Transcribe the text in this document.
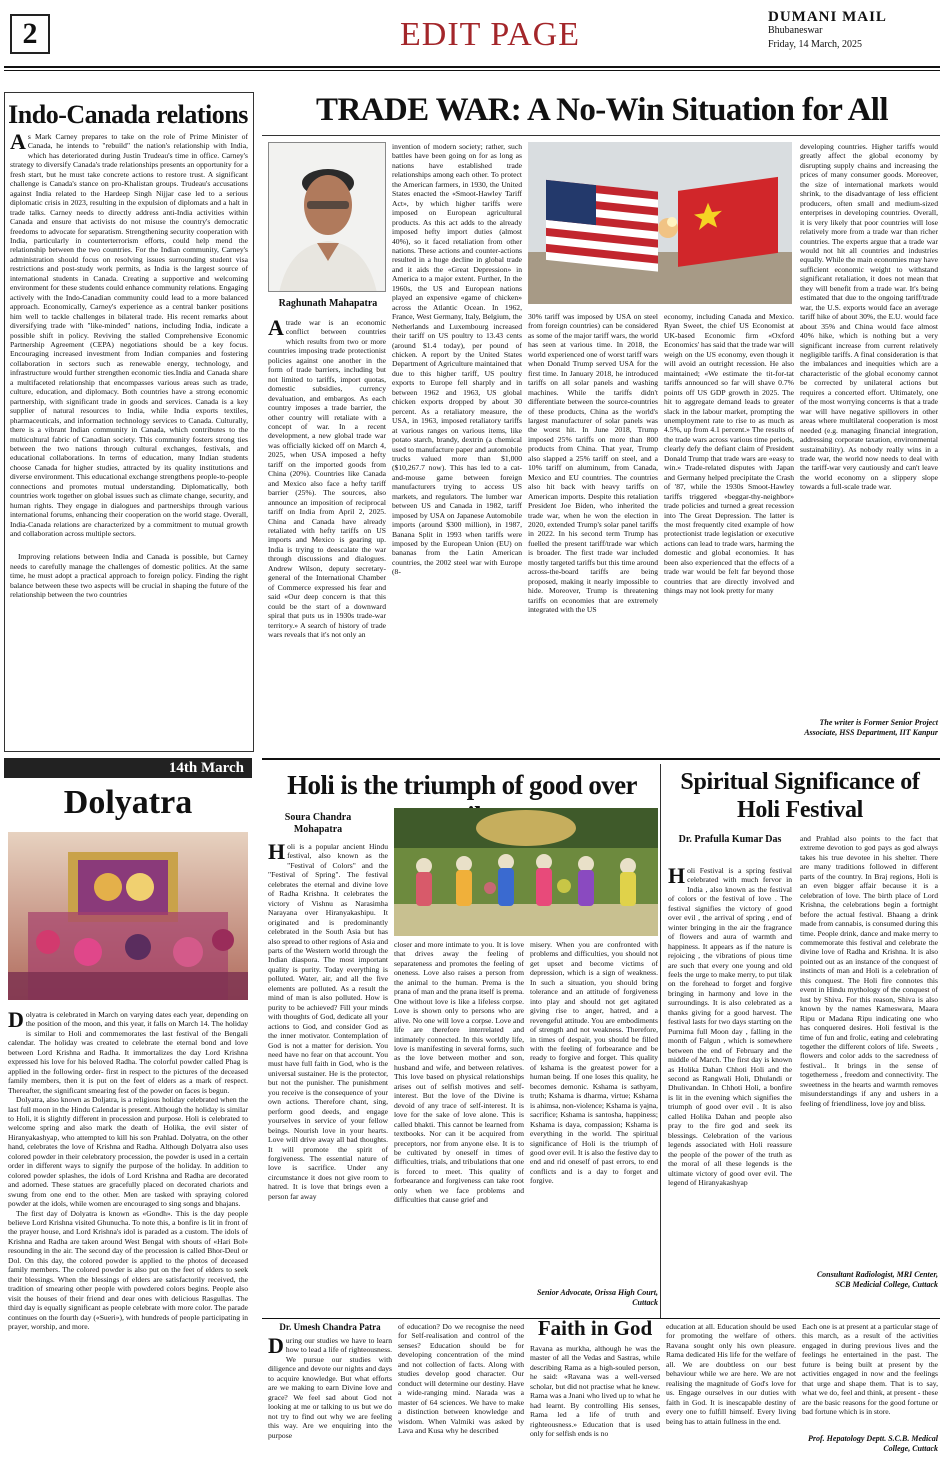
2	EDIT PAGE	DUMANI MAIL
Bhubaneswar
Friday, 14 March, 2025
Indo-Canada relations

As Mark Carney prepares to take on the role of Prime Minister of Canada, he intends to "rebuild" the nation's relationship with India, which has deteriorated during Justin Trudeau's time in office. Carney's strategy to diversify Canada's trade relationships presents an opportunity for a fresh start, but he must take concrete actions to restore trust. A significant challenge is Canada's stance on pro-Khalistan groups. Trudeau's accusations against India related to the Hardeep Singh Nijjar case led to a serious diplomatic crisis in 2023, resulting in the expulsion of diplomats and a halt in trade talks. Carney needs to directly address anti-India activities within Canada and ensure that activists do not misuse the country's democratic freedoms to advocate for separatism. Strengthening security cooperation with India, particularly in counterterrorism efforts, could help mend the relationship between the two countries. For the Indian community, Carney's administration should focus on resolving issues surrounding student visa restrictions and post-study work permits, as India is the largest source of international students in Canada. Creating a supportive and welcoming environment for these students could enhance community relations. Engaging actively with the Indo-Canadian community could lead to a more balanced approach. Economically, Carney's experience as a central banker positions him well to tackle challenges in bilateral trade. His recent remarks about diversifying trade with "like-minded" nations, including India, indicate a possible shift in policy. Reviving the stalled Comprehensive Economic Partnership Agreement (CEPA) negotiations should be a key focus. Encouraging increased investment from Indian companies and fostering collaboration in sectors such as renewable energy, technology, and infrastructure would further strengthen economic ties.India and Canada share a multifaceted relationship that encompasses various areas such as trade, culture, education, and diplomacy. Both countries have a strong economic partnership, with significant trade in goods and services. Canada is a key supplier of natural resources to India, while India exports textiles, pharmaceuticals, and information technology services to Canada. Culturally, there is a vibrant Indian community in Canada, which contributes to the multicultural fabric of Canadian society. This community fosters strong ties between the two nations through cultural exchanges, festivals, and educational collaborations. In terms of education, many Indian students choose Canada for higher studies, attracted by its quality institutions and diverse environment. This educational exchange strengthens people-to-people connections and promotes mutual understanding. Diplomatically, both countries work together on global issues such as climate change, security, and human rights. They engage in dialogues and partnerships through various international forums, enhancing their cooperation on the world stage. Overall, India-Canada relations are characterized by a commitment to mutual growth and collaboration across multiple sectors.

Improving relations between India and Canada is possible, but Carney needs to carefully manage the challenges of domestic politics. At the same time, he must adopt a practical approach to foreign policy. Finding the right balance between these two aspects will be crucial in shaping the future of the relationship between the two countries

14th March
Dolyatra

Dolyatra is celebrated in March on varying dates each year, depending on the position of the moon, and this year, it falls on March 14. The holiday is similar to Holi and commemorates the last festival of the Bengali calendar. The holiday was created to celebrate the eternal bond and love between Lord Krishna and Radha. It immortalizes the day Lord Krishna expressed his love for his beloved Radha. The colorful powder called Phag is applied in the following order- first in respect to the pictures of the deceased family members, then it is put on the feet of elders as a mark of respect. Thereafter, the significant smearing fest of the powder on faces is begun.

Dolyatra, also known as Doljatra, is a religious holiday celebrated when the last full moon in the Hindu Calendar is present. Although the holiday is similar to Holi, it is slightly different in procession and purpose. Holi is celebrated to welcome spring and also mark the death of Holika, the evil sister of Hiranyakashyap, who attempted to kill his son Prahlad. Dolyatra, on the other hand, celebrates the love of Krishna and Radha. Although Dolyatra also uses colored powder in their celebratory procession, the powder is used in a certain order in different ways to signify the purpose of the holiday. In addition to colored powder splashes, the idols of Lord Krishna and Radha are decorated and adorned. These statues are gracefully placed on decorated chariots and swung from one end to the other. Men are tasked with spraying colored powder at the idols, while women are encouraged to sing songs and bhajans.

The first day of Dolyatra is known as «Gondh». This is the day people believe Lord Krishna visited Ghunucha. To note this, a bonfire is lit in front of the prayer house, and Lord Krishna's idol is paraded as a custom. The idols of Krishna and Radha are taken around West Bengal with shouts of «Hari Bol» resounding in the air. The second day of the procession is called Bhor-Deul or Dol. On this day, the colored powder is applied to the photos of deceased family members. The colored powder is also put on the feet of elders to seek their blessings. When the blessings of elders are satisfactorily received, the tradition of smearing other people with powdered colors begins. People also visit the houses of their friend and dear ones with delicious Rasgullas. The third day is equally significant as people celebrate with more color. The parade continues on the fourth day («Sueri»), with hundreds of people participating in prayer, worship, and more.

TRADE WAR: A No-Win Situation for All
Raghunath Mahapatra

Atrade war is an economic conflict between countries which results from two or more countries imposing trade protectionist policies against one another in the form of trade barriers, including but not limited to tariffs, import quotas, domestic subsidies, currency devaluation, and embargos. As each country imposes a trade barrier, the other country will retaliate with a concept of war. In a recent development, a new global trade war was officially kicked off on March 4, 2025, when USA imposed a hefty tariff on the imported goods from China (20%). Countries like Canada and Mexico also face a hefty tariff barrier (25%). The sources, also announce an imposition of reciprocal tariff on India from April 2, 2025. China and Canada have already retaliated with hefty tariffs on US imports and Mexico is gearing up. India is trying to deescalate the war through discussions and dialogues. Andrew Wilson, deputy secretary-general of the International Chamber of Commerce expressed his fear and said «Our deep concern is that this could be the start of a downward spiral that puts us in 1930s trade-war territory.» A search of history of trade wars reveals that it's not only an

invention of modern society; rather, such battles have been going on for as long as nations have established trade relationships among each other. To protect the American farmers, in 1930, the United States enacted the «Smoot-Hawley Tariff Act», by which higher tariffs were imposed on European agricultural products. As this act adds to the already imposed hefty import duties (almost 40%), so it faced retaliation from other nations. These actions and counter-actions resulted in a huge decline in global trade and it aids the «Great Depression» in America to a major extent. Further, In the 1960s, the US and European nations played an expensive «game of chicken» across the Atlantic Ocean. In 1962, France, West Germany, Italy, Belgium, the Netherlands and Luxembourg increased their tariff on US poultry to 13.43 cents (around $1.4 today), per pound of chicken. A report by the United States Department of Agriculture maintained that due to this higher tariff, US poultry exports to Europe fell sharply and in between 1962 and 1963, US global chicken exports dropped by about 30 percent. As a retaliatory measure, the USA, in 1963, imposed retaliatory tariffs at various ranges on various items, like potato starch, brandy, dextrin (a chemical used to manufacture paper and automobile trucks valued more than $1,000 ($10,267.7 now). This has led to a cat-and-mouse game between foreign manufacturers trying to access US markets, and regulators. The lumber war between US and Canada in 1982, tariff imposed by USA on Japanese Automobile imports (around $300 million), in 1987, Banana Split in 1993 when tariffs were imposed by the European Union (EU) on bananas from the Latin American countries, the 2002 steel war with Europe (8-
30% tariff was imposed by USA on steel from foreign countries) can be considered as some of the major tariff wars, the world has seen at various time. In 2018, the world experienced one of worst tariff wars when Donald Trump served USA for the first time. In January 2018, he introduced tariffs on all solar panels and washing machines. While the tariffs didn't differentiate between the source-countries of these products, China as the world's largest manufacturer of solar panels was the worst hit. In June 2018, Trump imposed 25% tariffs on more than 800 products from China. That year, Trump also slapped a 25% tariff on steel, and a 10% tariff on aluminum, from Canada, Mexico and EU countries. The countries also hit back with heavy tariffs on American imports. Despite this retaliation President Joe Biden, who inherited the trade war, when he won the election in 2020, extended Trump's solar panel tariffs in 2022. In his second term Trump has fuelled the present tariff/trade war which is broader. The first trade war included mostly targeted tariffs but this time around across-the-board tariffs are being proposed, making it nearly impossible to hide. Moreover, Trump is threatening tariffs on economies that are extremely integrated with the US
economy, including Canada and Mexico. Ryan Sweet, the chief US Economist at UK-based Economic firm «Oxford Economics' has said that the trade war will weigh on the US economy, even though it will avoid an outright recession. He also maintained; «We estimate the tit-for-tat tariffs announced so far will shave 0.7% points off US GDP growth in 2025. The hit to aggregate demand leads to greater slack in the labour market, prompting the unemployment rate to rise to as much as 4.5%, up from 4.1 percent.» The results of the trade wars across various time periods, clearly defy the defiant claim of President Donald Trump that trade wars are «easy to win.» Trade-related disputes with Japan and Germany helped precipitate the Crash of '87, while the 1930s Smoot-Hawley tariffs triggered «beggar-thy-neighbor» trade policies and turned a great recession into The Great Depression. The latter is the most frequently cited example of how protectionist trade legislation or executive actions can lead to trade wars, harming the domestic and global economies. It has been also experienced that the effects of a trade war would be felt far beyond those countries that are directly involved and things may not look pretty for many
developing countries. Higher tariffs would greatly affect the global economy by disrupting supply chains and increasing the prices of many consumer goods. Moreover, the size of international markets would shrink, to the disadvantage of less efficient producers, often small and medium-sized enterprises in developing countries. Overall, it is very likely that poor countries will lose relatively more from a trade war than richer countries. The experts argue that a trade war would not hit all countries and industries equally. While the main economies may have sufficient economic weight to withstand significant retaliation, it does not mean that they will benefit from a trade war. It's being estimated that due to the ongoing tariff/trade war, the U.S. exports would face an average tariff hike of about 30%, the E.U. would face about 35% and China would face almost 40% hike, which is nothing but a very significant increase from current relatively negligible tariffs. A final consideration is that the imbalances and inequities which are a characteristic of the global economy cannot be corrected by unilateral actions but requires a concerted effort. Ultimately, one of the most worrying concerns is that a trade war will have negative spillovers in other areas where multilateral cooperation is most needed (e.g. managing financial integration, addressing corporate taxation, environmental sustainability). As nobody really wins in a trade war, the world now needs to deal with the tariff-war very cautiously and can't leave the world economy on a slippery slope towards a full-scale trade war.
The writer is Former Senior Project Associate, HSS Department, IIT Kanpur
Holi is the triumph of good over
Soura Chandra Mohapatra

Holi is a popular ancient Hindu festival, also known as the "Festival of Colors" and the "Festival of Spring". The festival celebrates the eternal and divine love of Radha Krishna. It celebrates the victory of Vishnu as Narasimha Narayana over Hiranyakashipu. It originated and is predominantly celebrated in the South Asia but has also spread to other regions of Asia and parts of the Western world through the Indian diaspora. The most important quality is purity. Today everything is polluted. Water, air, and all the five elements are polluted. As a result the mind of man is also polluted. How is purity to be achieved? Fill your minds with thoughts of God, dedicate all your actions to God, and consider God as the inner motivator. Contemplation of God is not a matter for derision. You need have no fear on that account. You must have full faith in God, who is the universal sustainer. He is the protector, but not the punisher. The punishment you receive is the consequence of your own actions. Therefore chant, sing, perform good deeds, and engage yourselves in service of your fellow beings. Nourish love in your hearts. Love will drive away all bad thoughts. It will promote the spirit of forgiveness. The essential nature of love is sacrifice. Under any circumstance it does not give room to hatred. It is love that brings even a person far away

closer and more intimate to you. It is love that drives away the feeling of separateness and promotes the feeling of oneness. Love also raises a person from the animal to the human. Prema is the prana of man and the prana itself is prema. One without love is like a lifeless corpse. Love is shown only to persons who are alive. No one will love a corpse. Love and life are therefore interrelated and intimately connected. In this worldly life, love is manifesting in several forms, such as the love between mother and son, husband and wife, and between relatives. This love based on physical relationships arises out of selfish motives and self-interest. But the love of the Divine is devoid of any trace of self-interest. It is love for the sake of love alone. This is called bhakti. This cannot be learned from textbooks. Nor can it be acquired from preceptors, nor from anyone else. It is to be cultivated by oneself in times of difficulties, trials, and tribulations that one is forced to meet. This quality of forbearance and forgiveness can take root only when we face problems and difficulties that cause grief and
misery. When you are confronted with problems and difficulties, you should not get upset and become victims of depression, which is a sign of weakness. In such a situation, you should bring tolerance and an attitude of forgiveness into play and should not get agitated giving rise to anger, hatred, and a revengeful attitude. You are embodiments of strength and not weakness. Therefore, in times of despair, you should be filled with the feeling of forbearance and be ready to forgive and forget. This quality of kshama is the greatest power for a human being. If one loses this quality, he becomes demonic. Kshama is sathyam, truth; Kshama is dharma, virtue; Kshama is ahimsa, non-violence; Kshama is yajna, sacrifice; Kshama is santosha, happiness; Kshama is daya, compassion; Kshama is everything in the world. The spiritual significance of Holi is the triumph of good over evil. It is also the festive day to end and rid oneself of past errors, to end conflicts and is a day to forget and forgive.
Senior Advocate, Orissa High Court, Cuttack
Spiritual Significance of Holi Festival
Dr. Prafulla Kumar Das

Holi Festival is a spring festival celebrated with much fervor in India , also known as the festival of colors or the festival of love . The festival signifies the victory of good over evil , the arrival of spring , end of winter bringing in the air the fragrance of flowers and aura of warmth and happiness. It appears as if the nature is rejoicing , the vibrations of pious time are such that every one young and old feels the urge to make merry, to put tilak on the forehead to forget and forgive bringing in harmony and love in the surroundings. It is also celebrated as a thanks giving for a good harvest. The festival lasts for two days starting on the Purnima full Moon day , falling in the month of Falgun , which is somewhere between the end of February and the middle of March. The first day is known as Holika Dahan Chhoti Holi and the second as Rangwali Holi, Dhulandi or Dhulivandan. In Chhoti Holi, a bonfire is lit in the evening which signifies the triumph of good over evil . It is also called Holika Dahan and people also pray to the fire god and seek its blessings. Celebration of the various legends associated with Holi reassure the people of the power of the truth as the moral of all these legends is the ultimate victory of good over evil. The legend of Hiranyakashyap

and Prahlad also points to the fact that extreme devotion to god pays as god always takes his true devotee in his shelter. There are many traditions followed in different parts of the country. In Braj regions, Holi is an even bigger affair because it is a celebration of love. The birth place of Lord Krishna, the celebrations begin a fortnight before the actual festival. Bhaang a drink made from cannabis, is consumed during this time. People drink, dance and make merry to commemorate this festival and celebrate the divine love of Radha and Krishna. It is also pointed out as an instance of the conquest of instincts of man and Holi is a celebration of this conquest. The Holi fire connotes this event in Hindu mythology of the conquest of lust by Shiva. For this reason, Shiva is also known by the names Kameswara, Maara Ripu or Madana Ripu indicating one who has conquered desires. Holi festival is the time of fun and frolic, eating and celebrating together the different colors of life. Sweets , flowers and color adds to the sacredness of festival.. It brings in the sense of togetherness , freedom and connectivity. The sweetness in the hearts and warmth removes misunderstandings if any and ushers in a feeling of friendliness, love joy and bliss.
Consultant Radiologist, MRI Center, SCB Medicial College, Cuttack
Dr. Umesh Chandra Patra

During our studies we have to learn how to lead a life of righteousness. We pursue our studies with diligence and devote our nights and days to acquire knowledge. But what efforts are we making to earn Divine love and grace? We feel sad about God not looking at me or talking to us but we do not try to find out why we are feeling this way. Are we enquiring into the purpose

of education? Do we recognise the need for Self-realisation and control of the senses? Education should be for developing concentration of the mind and not collection of facts. Along with studies develop good character. Our conduct will determine our destiny. Have a wide-ranging mind. Narada was a master of 64 sciences. We have to make a distinction between knowledge and wisdom. When Valmiki was asked by Lava and Kusa why he described
Faith in God
Ravana as murkha, although he was the master of all the Vedas and Sastras, while describing Rama as a high-souled person, he said: «Ravana was a well-versed scholar, but did not practise what he knew. Rama was a Jnani who lived up to what he had learnt. By controlling His senses, Rama led a life of truth and righteousness.» Education that is used only for selfish ends is no
education at all. Education should be used for promoting the welfare of others. Ravana sought only his own pleasure. Rama dedicated His life for the welfare of all. We are doubtless on our best behaviour while we are here. We are not realising the magnitude of God's love for us. Engage ourselves in our duties with faith in God. It is inescapable destiny of every one to fulfill himself. Every living being has to attain fullness in the end.
Each one is at present at a particular stage of this march, as a result of the activities engaged in during previous lives and the feelings he entertained in the past. The future is being built at present by the activities engaged in now and the feelings that urge and shape them. That is to say, what we do, feel and think, at present - these are the basic reasons for the good fortune or bad fortune which is in store.
Prof. Hepatology Deptt. S.C.B. Medical College, Cuttack
